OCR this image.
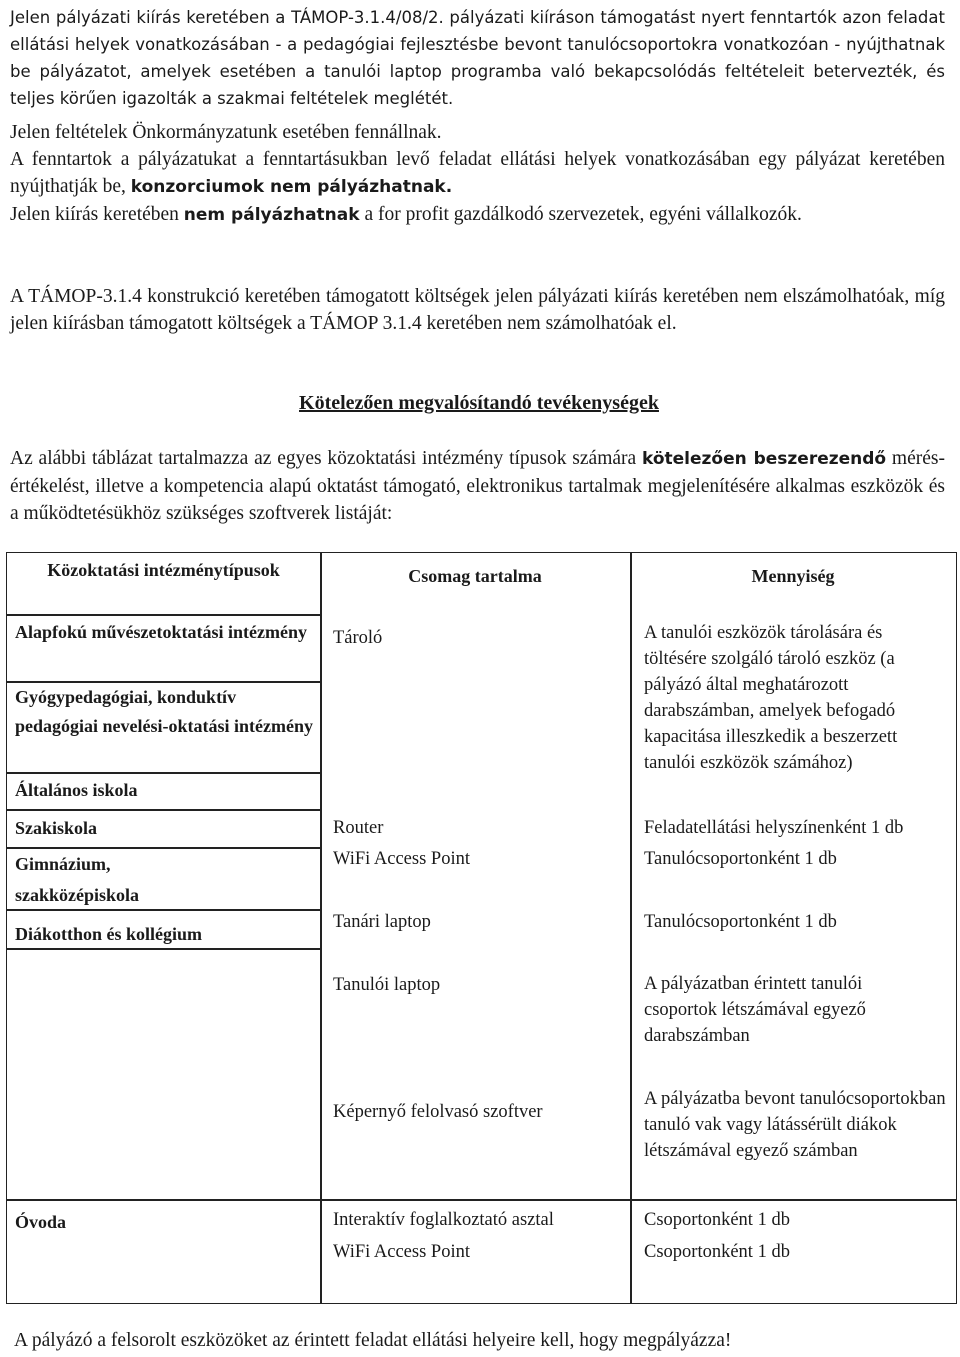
Jelen pályázati kiírás keretében a TÁMOP-3.1.4/08/2. pályázati kiíráson támogatást nyert fenntartók azon feladat ellátási helyek vonatkozásában - a pedagógiai fejlesztésbe bevont tanulócsoportokra vonatkozóan - nyújthatnak be pályázatot, amelyek esetében a tanulói laptop programba való bekapcsolódás feltételeit betervezték, és teljes körűen igazolták a szakmai feltételek meglétét.

Jelen feltételek Önkormányzatunk esetében fennállnak.

A fenntartok a pályázatukat a fenntartásukban levő feladat ellátási helyek vonatkozásában egy pályázat keretében nyújthatják be, konzorciumok nem pályázhatnak.

Jelen kiírás keretében nem pályázhatnak a for profit gazdálkodó szervezetek, egyéni vállalkozók.

A TÁMOP-3.1.4 konstrukció keretében támogatott költségek jelen pályázati kiírás keretében nem elszámolhatóak, míg jelen kiírásban támogatott költségek a TÁMOP 3.1.4 keretében nem számolhatóak el.

Kötelezően megvalósítandó tevékenységek

Az alábbi táblázat tartalmazza az egyes közoktatási intézmény típusok számára kötelezően beszerezendő mérés-értékelést, illetve a kompetencia alapú oktatást támogató, elektronikus tartalmak megjelenítésére alkalmas eszközök és a működtetésükhöz szükséges szoftverek listáját:

Közoktatási intézménytípusok	Csomag tartalma	Mennyiség
Alapfokú művészetoktatási intézmény
Gyógypedagógiai, konduktív pedagógiai nevelési-oktatási intézmény
Általános iskola
Szakiskola
Gimnázium, szakközépiskola
Diákotthon és kollégium
Óvoda
Tároló
Router
WiFi Access Point
Tanári laptop
Tanulói laptop
Képernyő felolvasó szoftver
Interaktív foglalkoztató asztal
WiFi Access Point
A tanulói eszközök tárolására és töltésére szolgáló tároló eszköz (a pályázó által meghatározott darabszámban, amelyek befogadó kapacitása illeszkedik a beszerzett tanulói eszközök számához)
Feladatellátási helyszínenként 1 db
Tanulócsoportonként 1 db
Tanulócsoportonként 1 db
A pályázatban érintett tanulói csoportok létszámával egyező darabszámban
A pályázatba bevont tanulócsoportokban tanuló vak vagy látássérült diákok létszámával egyező számban
Csoportonként 1 db
Csoportonként 1 db
A pályázó a felsorolt eszközöket az érintett feladat ellátási helyeire kell, hogy megpályázza!
